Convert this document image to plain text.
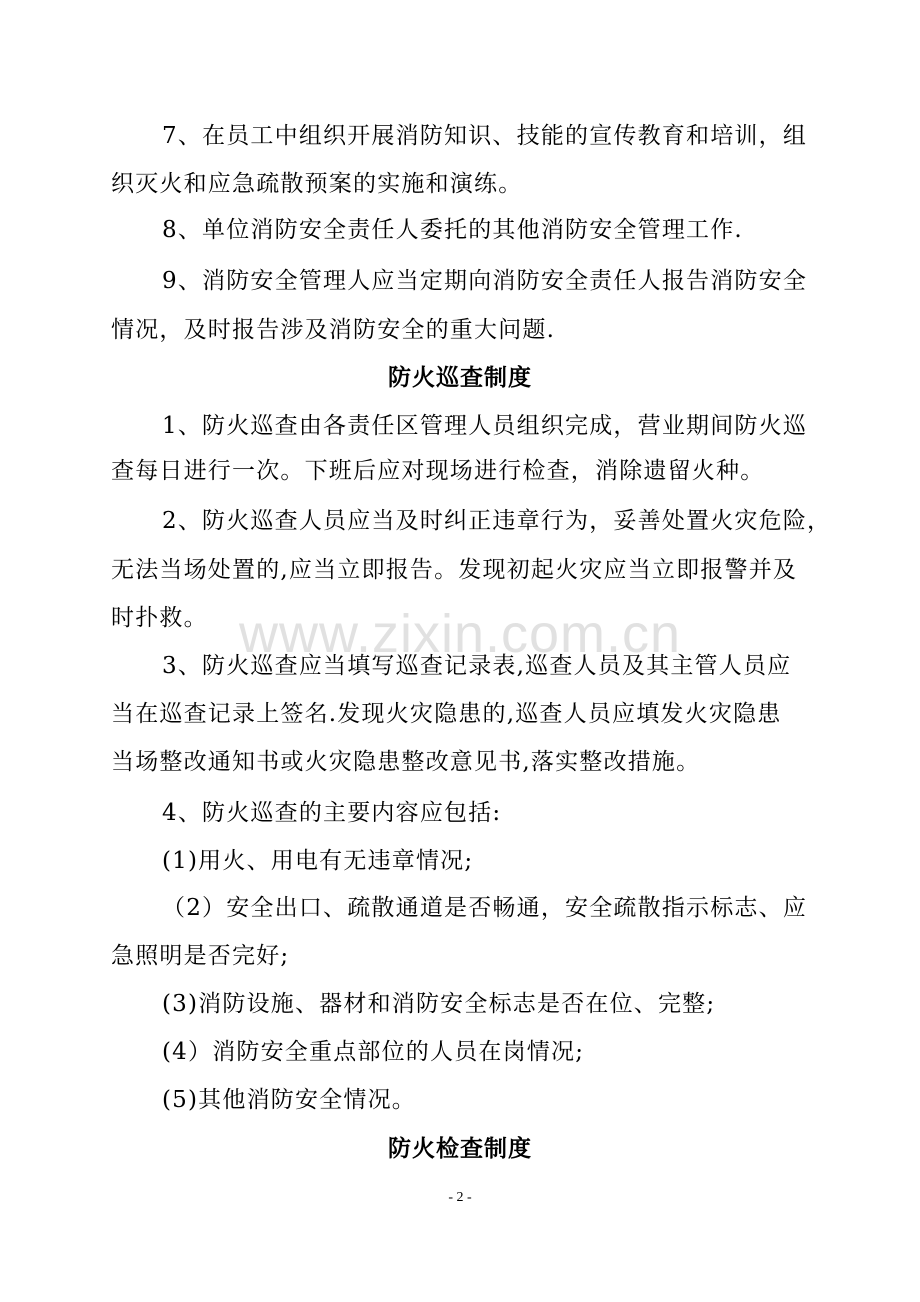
7、在员工中组织开展消防知识、技能的宣传教育和培训，组
织灭火和应急疏散预案的实施和演练。
8、单位消防安全责任人委托的其他消防安全管理工作.
9、消防安全管理人应当定期向消防安全责任人报告消防安全
情况，及时报告涉及消防安全的重大问题.
防火巡查制度
1、防火巡查由各责任区管理人员组织完成，营业期间防火巡
查每日进行一次。下班后应对现场进行检查，消除遗留火种。
2、防火巡查人员应当及时纠正违章行为，妥善处置火灾危险，
无法当场处置的,应当立即报告。发现初起火灾应当立即报警并及
时扑救。
3、防火巡查应当填写巡查记录表,巡查人员及其主管人员应
当在巡查记录上签名.发现火灾隐患的,巡查人员应填发火灾隐患
当场整改通知书或火灾隐患整改意见书,落实整改措施。
4、防火巡查的主要内容应包括:
(1)用火、用电有无违章情况;
（2）安全出口、疏散通道是否畅通，安全疏散指示标志、应
急照明是否完好;
(3)消防设施、器材和消防安全标志是否在位、完整;
(4）消防安全重点部位的人员在岗情况;
(5)其他消防安全情况。
防火检查制度
www.zixin.com.cn
- 2 -
